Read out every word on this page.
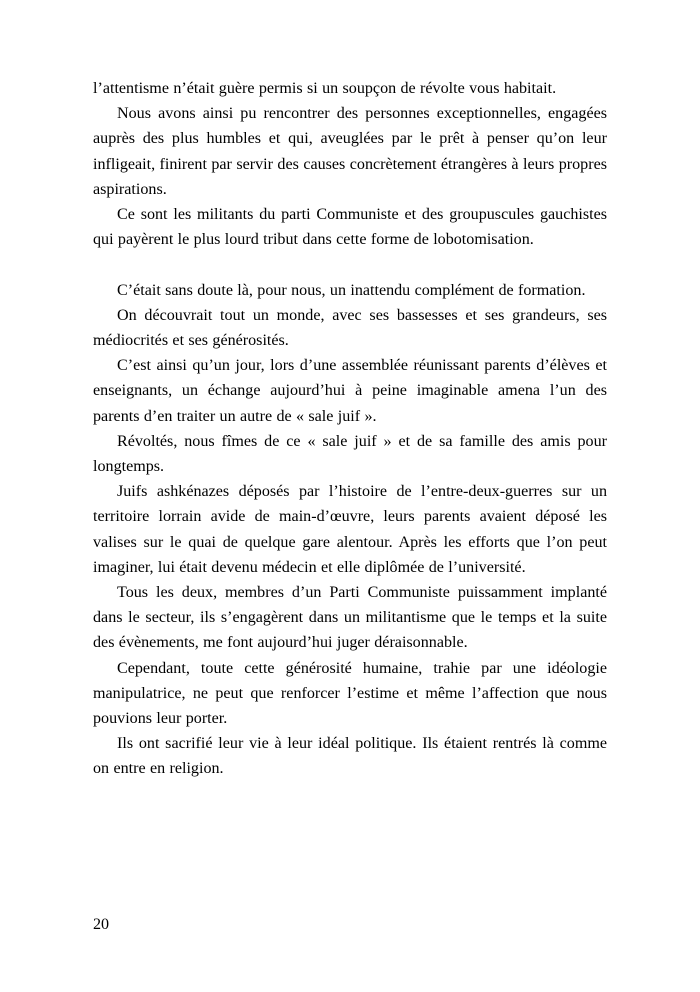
l’attentisme n’était guère permis si un soupçon de révolte vous habitait.

Nous avons ainsi pu rencontrer des personnes exceptionnelles, engagées auprès des plus humbles et qui, aveuglées par le prêt à penser qu’on leur infligeait, finirent par servir des causes concrètement étrangères à leurs propres aspirations.

Ce sont les militants du parti Communiste et des groupuscules gauchistes qui payèrent le plus lourd tribut dans cette forme de lobotomisation.

C’était sans doute là, pour nous, un inattendu complément de formation.

On découvrait tout un monde, avec ses bassesses et ses grandeurs, ses médiocrités et ses générosités.

C’est ainsi qu’un jour, lors d’une assemblée réunissant parents d’élèves et enseignants, un échange aujourd’hui à peine imaginable amena l’un des parents d’en traiter un autre de « sale juif ».

Révoltés, nous fîmes de ce « sale juif » et de sa famille des amis pour longtemps.

Juifs ashkénazes déposés par l’histoire de l’entre-deux-guerres sur un territoire lorrain avide de main-d’œuvre, leurs parents avaient déposé les valises sur le quai de quelque gare alentour. Après les efforts que l’on peut imaginer, lui était devenu médecin et elle diplômée de l’université.

Tous les deux, membres d’un Parti Communiste puissamment implanté dans le secteur, ils s’engagèrent dans un militantisme que le temps et la suite des évènements, me font aujourd’hui juger déraisonnable.

Cependant, toute cette générosité humaine, trahie par une idéologie manipulatrice, ne peut que renforcer l’estime et même l’affection que nous pouvions leur porter.

Ils ont sacrifié leur vie à leur idéal politique. Ils étaient rentrés là comme on entre en religion.

20
